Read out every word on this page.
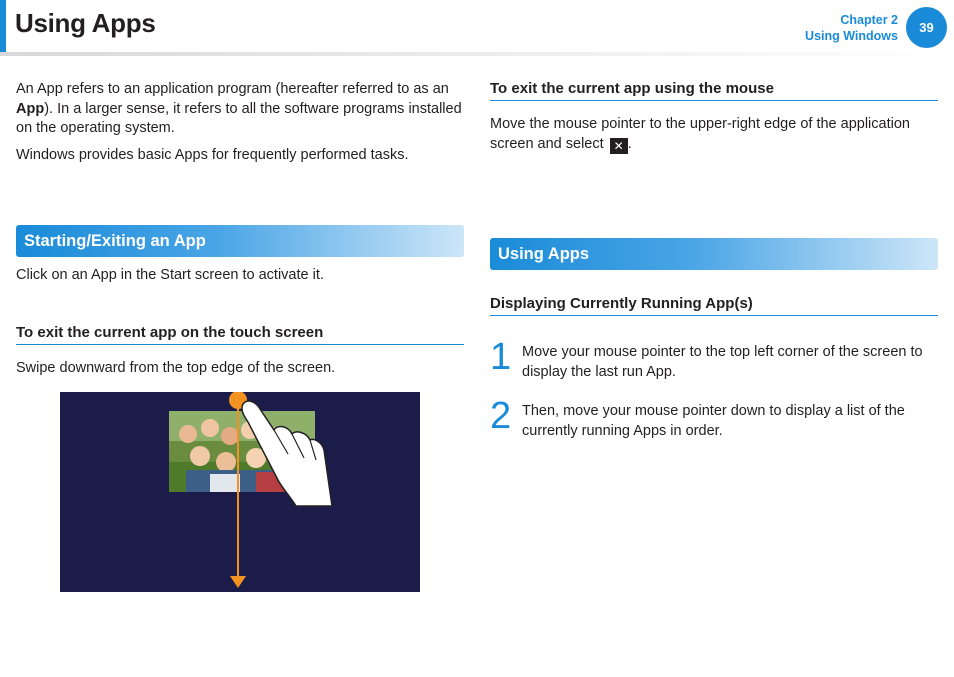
Using Apps	Chapter 2
Using Windows
39

An App refers to an application program (hereafter referred to as an App). In a larger sense, it refers to all the software programs installed on the operating system.

Windows provides basic Apps for frequently performed tasks.

Starting/Exiting an App

Click on an App in the Start screen to activate it.

To exit the current app on the touch screen

Swipe downward from the top edge of the screen.

To exit the current app using the mouse

Move the mouse pointer to the upper-right edge of the application screen and select ✕ .

Using Apps
Displaying Currently Running App(s)
1 Move your mouse pointer to the top left corner of the screen to display the last run App.

2 Then, move your mouse pointer down to display a list of the currently running Apps in order.
